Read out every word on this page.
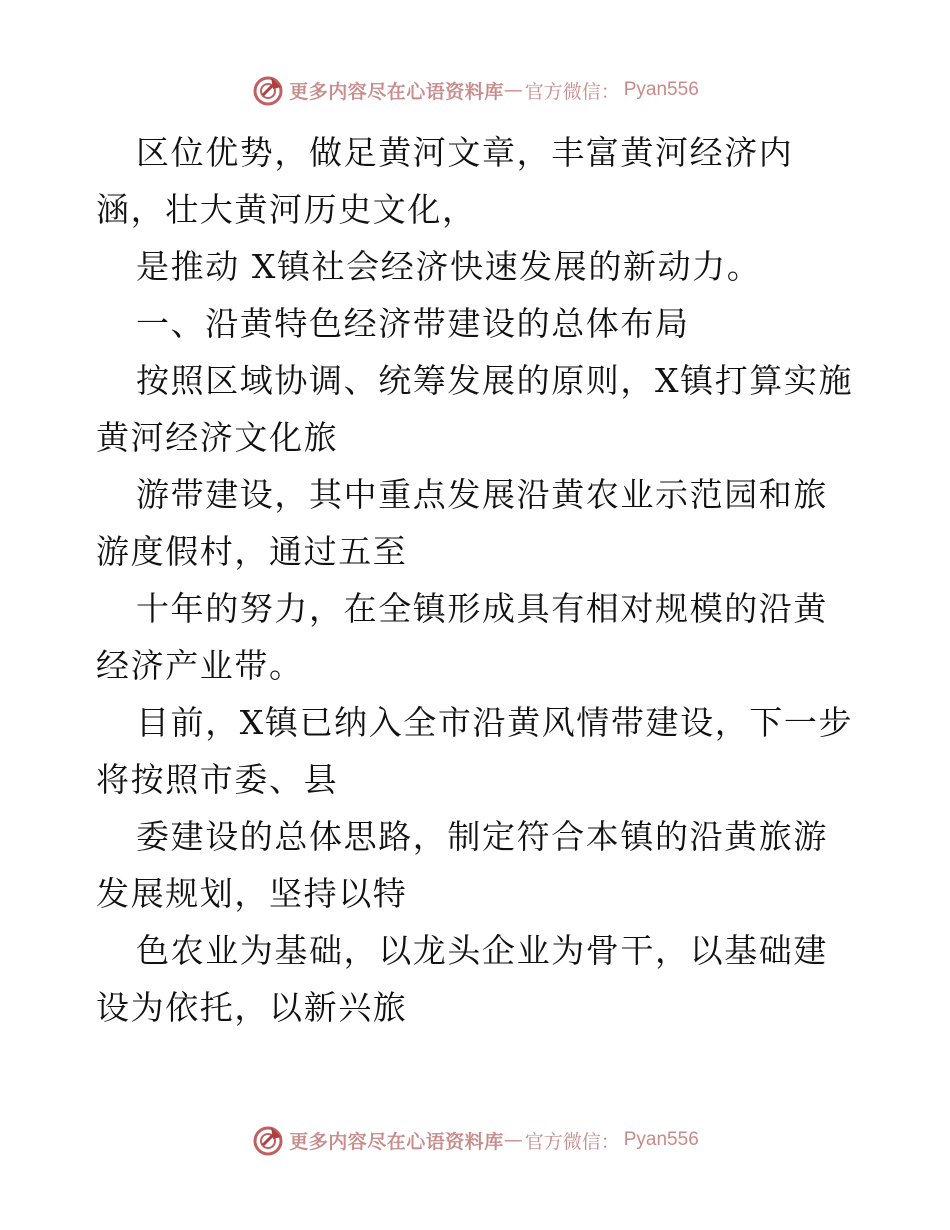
更多内容尽在心语资料库 — 官方微信： Pyan556

区位优势，做足黄河文章，丰富黄河经济内涵，壮大黄河历史文化，

是推动 X镇社会经济快速发展的新动力。

一、沿黄特色经济带建设的总体布局

按照区域协调、统筹发展的原则，X镇打算实施黄河经济文化旅

游带建设，其中重点发展沿黄农业示范园和旅游度假村，通过五至

十年的努力，在全镇形成具有相对规模的沿黄经济产业带。

目前，X镇已纳入全市沿黄风情带建设，下一步将按照市委、县

委建设的总体思路，制定符合本镇的沿黄旅游发展规划，坚持以特

色农业为基础，以龙头企业为骨干，以基础建设为依托，以新兴旅

更多内容尽在心语资料库 — 官方微信： Pyan556
